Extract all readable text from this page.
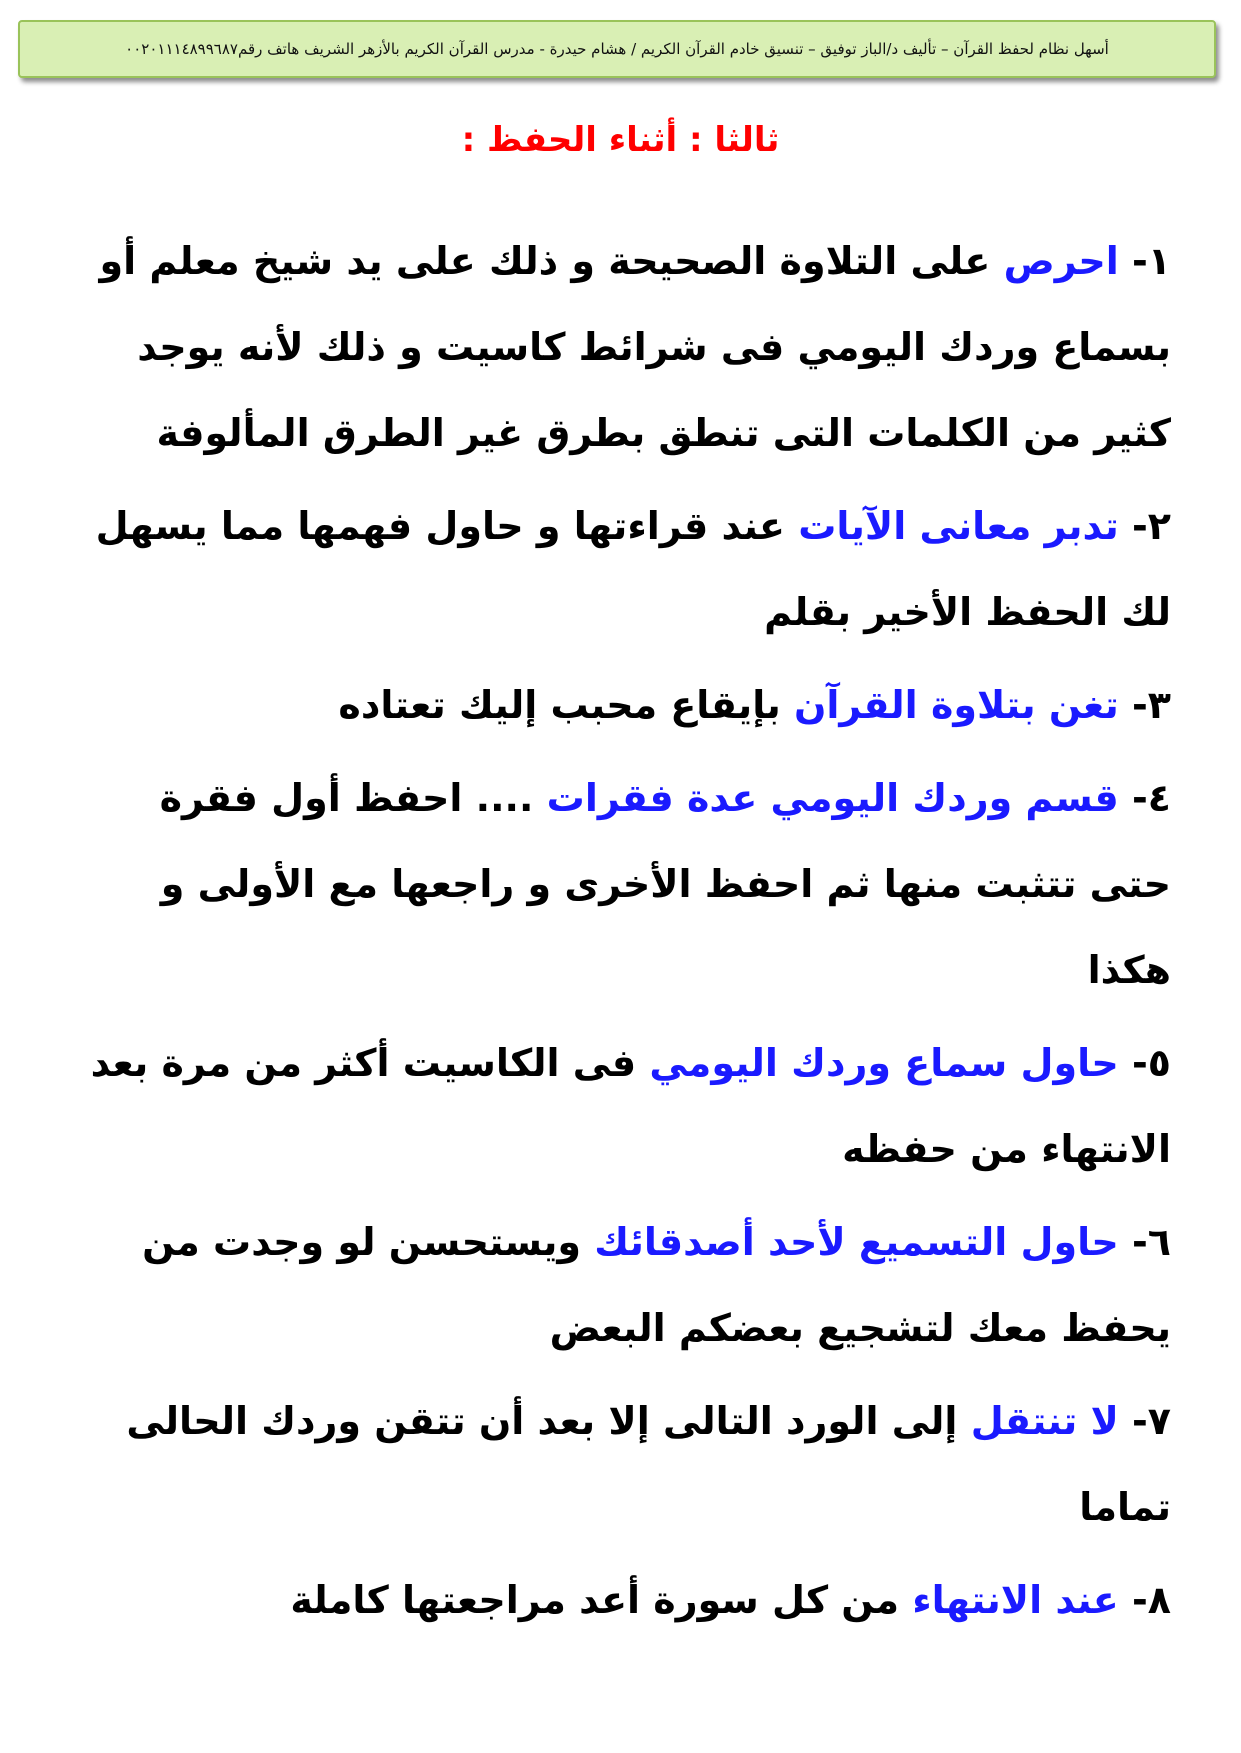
أسهل نظام لحفظ القرآن – تأليف د/الباز توفيق – تنسيق خادم القرآن الكريم / هشام حيدرة - مدرس القرآن الكريم بالأزهر الشريف هاتف رقم٠٠٢٠١١١٤٨٩٩٦٨٧
ثالثا : أثناء الحفظ :

١- احرص على التلاوة الصحيحة و ذلك على يد شيخ معلم أو بسماع وردك اليومي فى شرائط كاسيت و ذلك لأنه يوجد كثير من الكلمات التى تنطق بطرق غير الطرق المألوفة

٢- تدبر معانى الآيات عند قراءتها و حاول فهمها مما يسهل لك الحفظ الأخير بقلم

٣- تغن بتلاوة القرآن بإيقاع محبب إليك تعتاده

٤- قسم وردك اليومي عدة فقرات .... احفظ أول فقرة حتى تتثبت منها ثم احفظ الأخرى و راجعها مع الأولى و هكذا

٥- حاول سماع وردك اليومي فى الكاسيت أكثر من مرة بعد الانتهاء من حفظه

٦- حاول التسميع لأحد أصدقائك ويستحسن لو وجدت من يحفظ معك لتشجيع بعضكم البعض

٧- لا تنتقل إلى الورد التالى إلا بعد أن تتقن وردك الحالى تماما

٨- عند الانتهاء من كل سورة أعد مراجعتها كاملة
